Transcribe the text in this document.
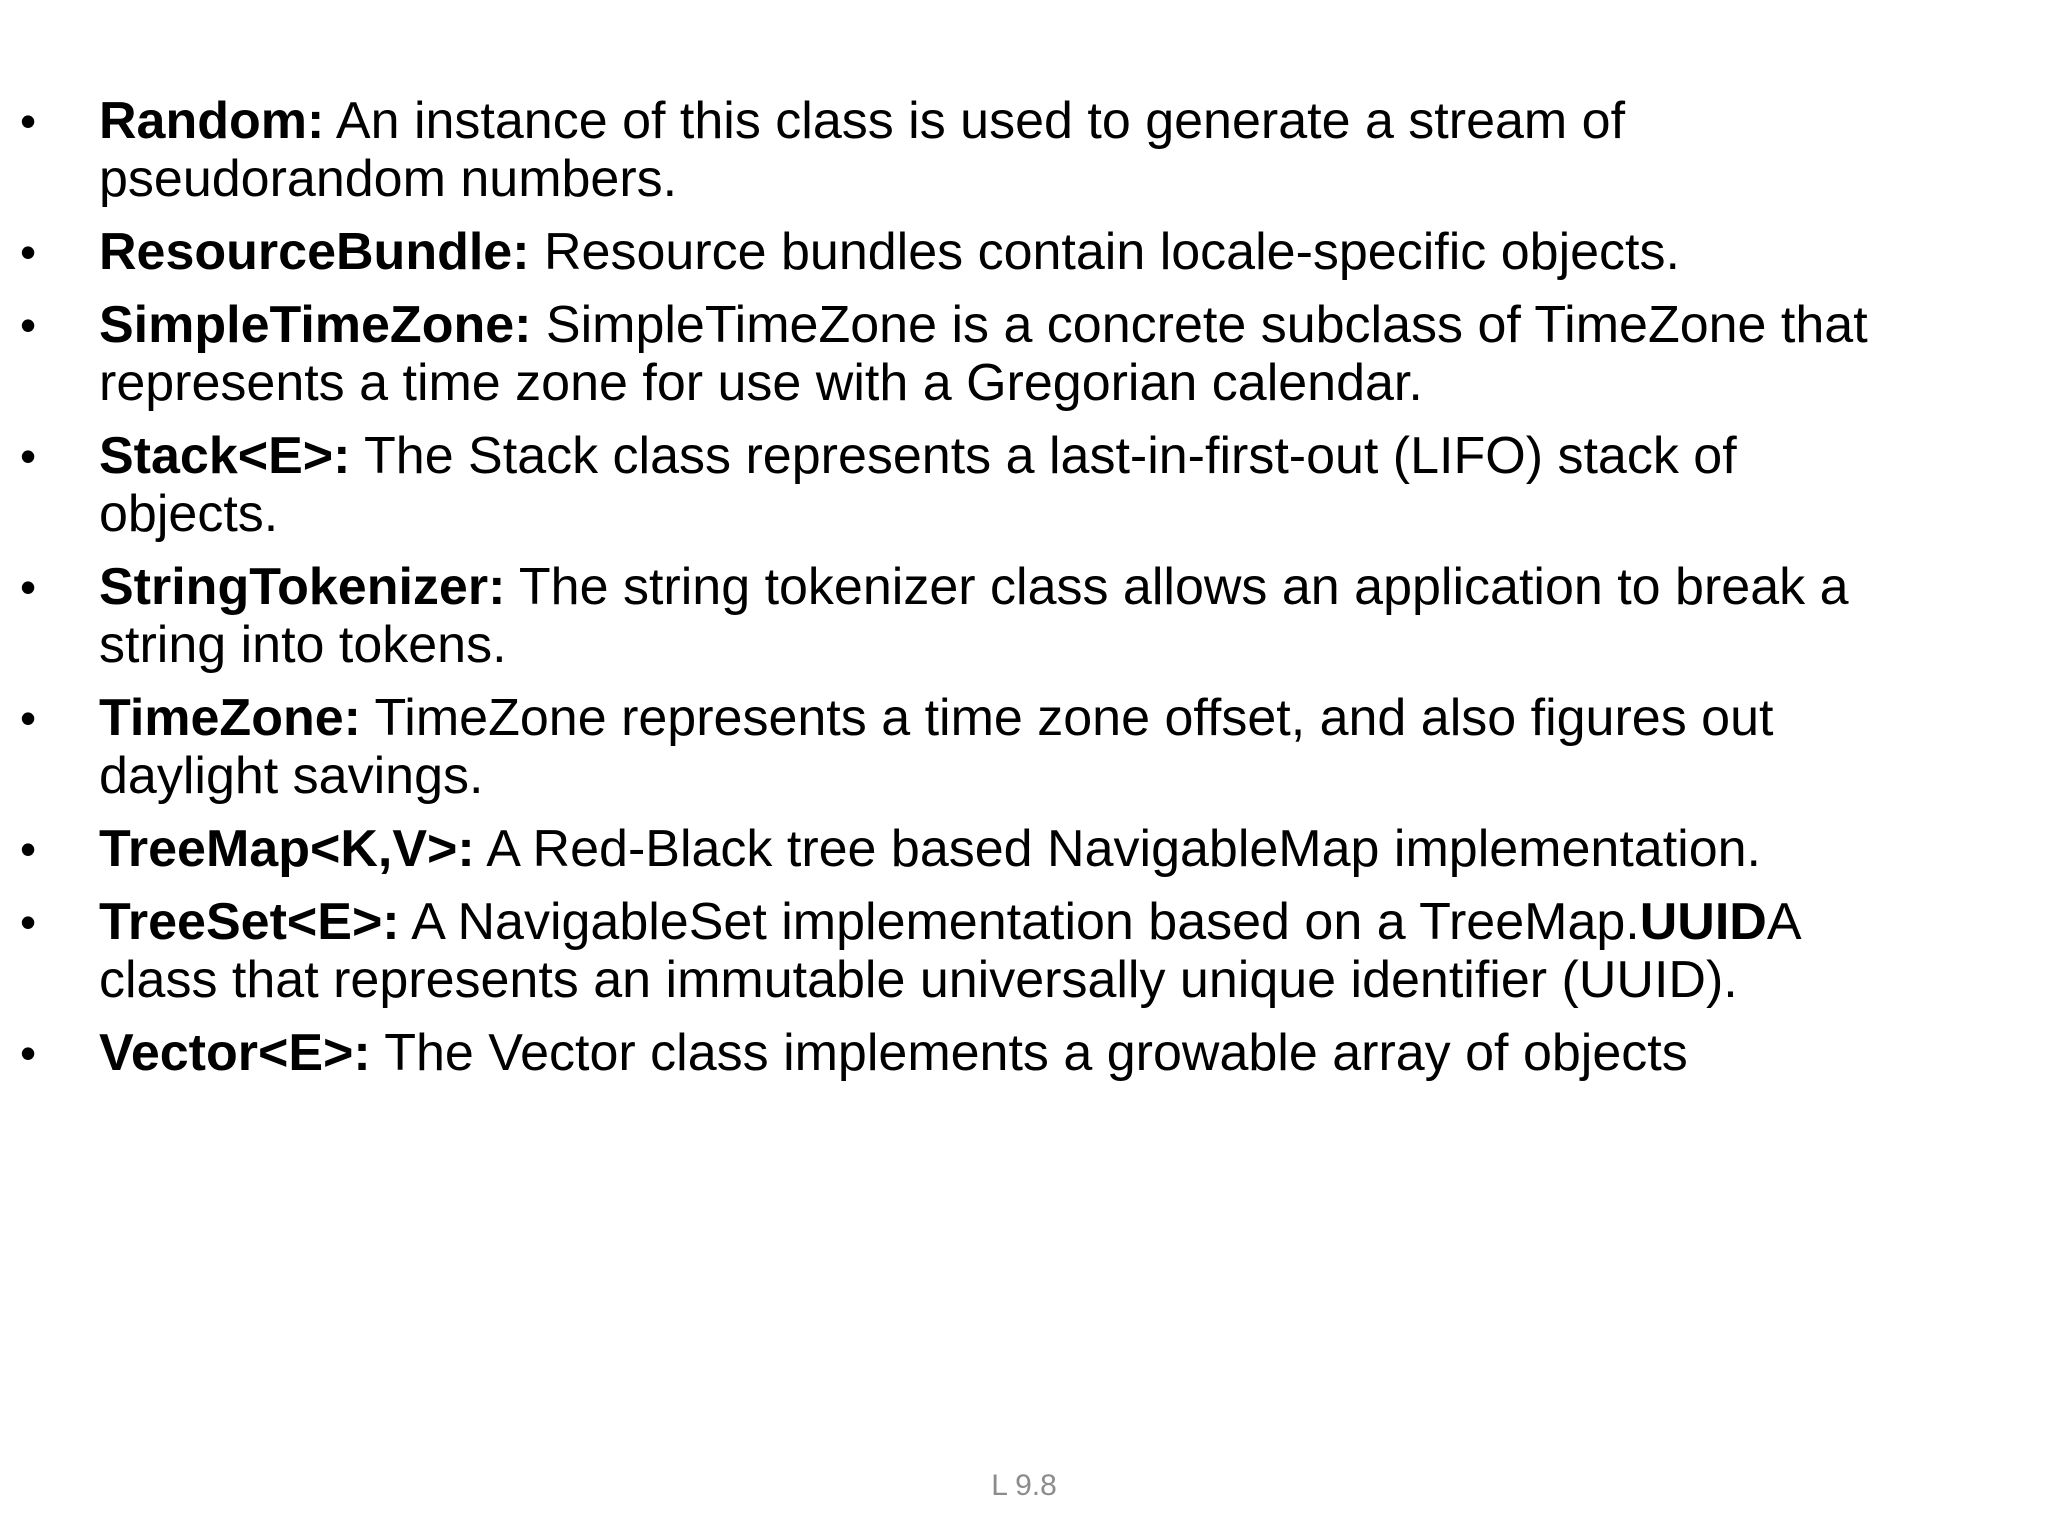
•	Random: An instance of this class is used to generate a stream of pseudorandom numbers.
•	ResourceBundle: Resource bundles contain locale-specific objects.
•	SimpleTimeZone: SimpleTimeZone is a concrete subclass of TimeZone that represents a time zone for use with a Gregorian calendar.
•	Stack<E>: The Stack class represents a last-in-first-out (LIFO) stack of objects.
•	StringTokenizer: The string tokenizer class allows an application to break a string into tokens.
•	TimeZone: TimeZone represents a time zone offset, and also figures out daylight savings.
•	TreeMap<K,V>: A Red-Black tree based NavigableMap implementation.
•	TreeSet<E>: A NavigableSet implementation based on a TreeMap.UUIDA class that represents an immutable universally unique identifier (UUID).
•	Vector<E>: The Vector class implements a growable array of objects
L 9.8
